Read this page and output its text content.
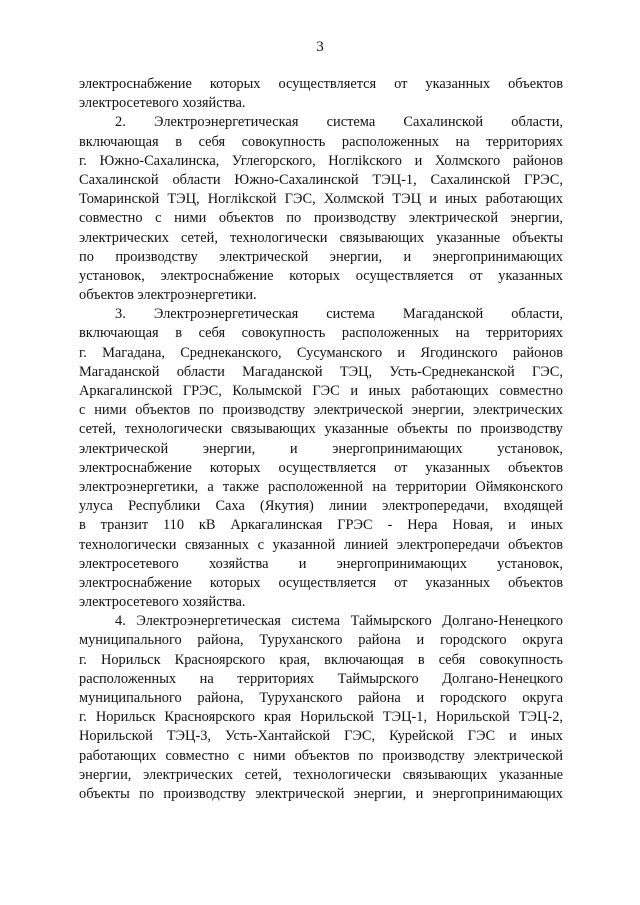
3
электроснабжение которых осуществляется от указанных объектов
электросетевого хозяйства.
2. Электроэнергетическая система Сахалинской области,
включающая в себя совокупность расположенных на территориях
г. Южно-Сахалинска, Углегорского, Ноглikского и Холмского районов
Сахалинской области Южно-Сахалинской ТЭЦ-1, Сахалинской ГРЭС,
Томаринской ТЭЦ, Ноглikской ГЭС, Холмской ТЭЦ и иных работающих
совместно с ними объектов по производству электрической энергии,
электрических сетей, технологически связывающих указанные объекты
по производству электрической энергии, и энергопринимающих
установок, электроснабжение которых осуществляется от указанных
объектов электроэнергетики.
3. Электроэнергетическая система Магаданской области,
включающая в себя совокупность расположенных на территориях
г. Магадана, Среднеканского, Сусуманского и Ягодинского районов
Магаданской области Магаданской ТЭЦ, Усть-Среднеканской ГЭС,
Аркагалинской ГРЭС, Колымской ГЭС и иных работающих совместно
с ними объектов по производству электрической энергии, электрических
сетей, технологически связывающих указанные объекты по производству
электрической энергии, и энергопринимающих установок,
электроснабжение которых осуществляется от указанных объектов
электроэнергетики, а также расположенной на территории Оймяконского
улуса Республики Саха (Якутия) линии электропередачи, входящей
в транзит 110 кВ Аркагалинская ГРЭС - Нера Новая, и иных
технологически связанных с указанной линией электропередачи объектов
электросетевого хозяйства и энергопринимающих установок,
электроснабжение которых осуществляется от указанных объектов
электросетевого хозяйства.
4. Электроэнергетическая система Таймырского Долгано-Ненецкого
муниципального района, Туруханского района и городского округа
г. Норильск Красноярского края, включающая в себя совокупность
расположенных на территориях Таймырского Долгано-Ненецкого
муниципального района, Туруханского района и городского округа
г. Норильск Красноярского края Норильской ТЭЦ-1, Норильской ТЭЦ-2,
Норильской ТЭЦ-3, Усть-Хантайской ГЭС, Курейской ГЭС и иных
работающих совместно с ними объектов по производству электрической
энергии, электрических сетей, технологически связывающих указанные
объекты по производству электрической энергии, и энергопринимающих
